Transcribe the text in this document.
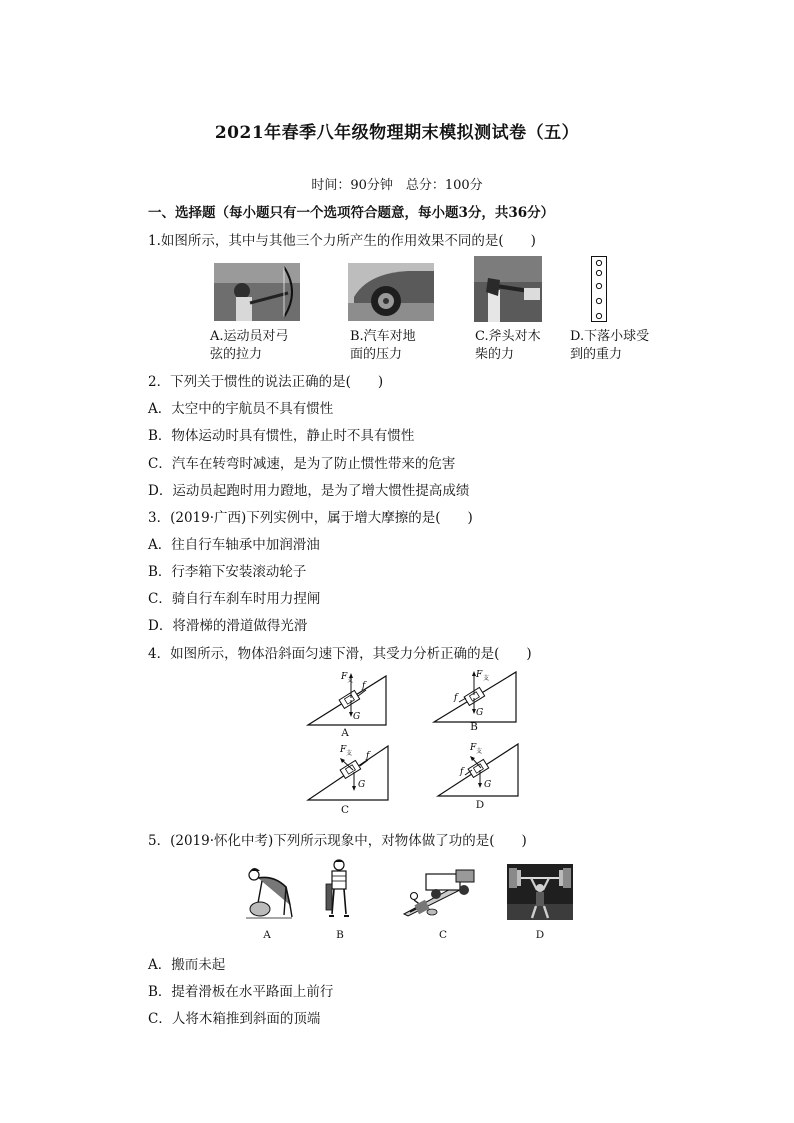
2021年春季八年级物理期末模拟测试卷（五）
时间：90分钟　总分：100分
一、选择题（每小题只有一个选项符合题意，每小题3分，共36分）
1.如图所示，其中与其他三个力所产生的作用效果不同的是(　　)
A.运动员对弓
弦的拉力
B.汽车对地
面的压力
C.斧头对木
柴的力
D.下落小球受
到的重力
2．下列关于惯性的说法正确的是(　　)
A．太空中的宇航员不具有惯性
B．物体运动时具有惯性，静止时不具有惯性
C．汽车在转弯时减速，是为了防止惯性带来的危害
D．运动员起跑时用力蹬地，是为了增大惯性提高成绩
3．(2019·广西)下列实例中，属于增大摩擦的是(　　)
A．往自行车轴承中加润滑油
B．行李箱下安装滚动轮子
C．骑自行车刹车时用力捏闸
D．将滑梯的滑道做得光滑
4．如图所示，物体沿斜面匀速下滑，其受力分析正确的是(　　)
F 支
f
G
A
F 支
f
G
B
F 支 f
G
C
F 支
f
G
D
5．(2019·怀化中考)下列所示现象中，对物体做了功的是(　　)
A	B	C	D
A．搬而未起
B．提着滑板在水平路面上前行
C．人将木箱推到斜面的顶端
